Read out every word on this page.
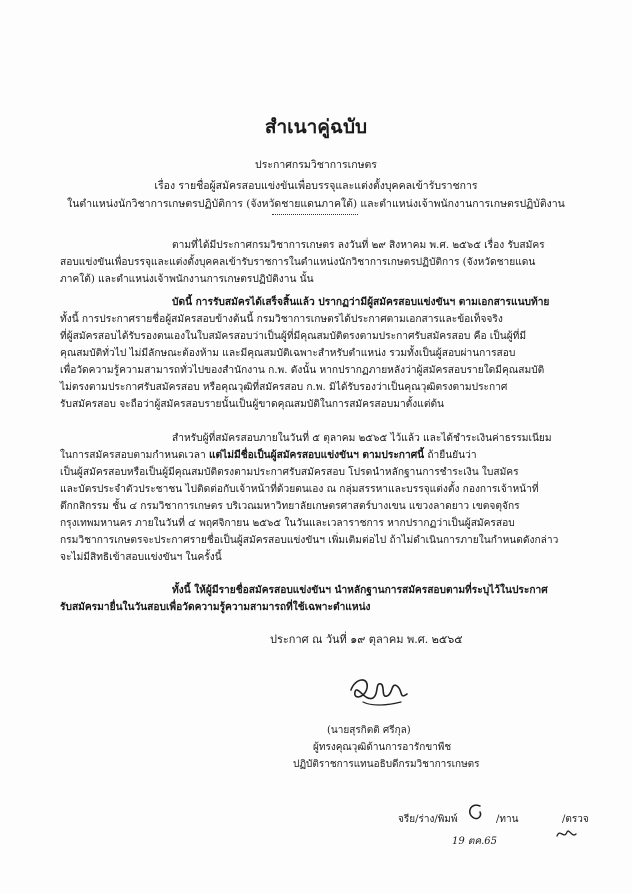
สำเนาคู่ฉบับ
ประกาศกรมวิชาการเกษตร
เรื่อง รายชื่อผู้สมัครสอบแข่งขันเพื่อบรรจุและแต่งตั้งบุคคลเข้ารับราชการ
ในตำแหน่งนักวิชาการเกษตรปฏิบัติการ (จังหวัดชายแดนภาคใต้) และตำแหน่งเจ้าพนักงานการเกษตรปฏิบัติงาน
ตามที่ได้มีประกาศกรมวิชาการเกษตร ลงวันที่ ๒๙ สิงหาคม พ.ศ. ๒๕๖๕ เรื่อง รับสมัคร
สอบแข่งขันเพื่อบรรจุและแต่งตั้งบุคคลเข้ารับราชการในตำแหน่งนักวิชาการเกษตรปฏิบัติการ (จังหวัดชายแดน
ภาคใต้) และตำแหน่งเจ้าพนักงานการเกษตรปฏิบัติงาน นั้น
บัดนี้ การรับสมัครได้เสร็จสิ้นแล้ว ปรากฏว่ามีผู้สมัครสอบแข่งขันฯ ตามเอกสารแนบท้าย
ทั้งนี้ การประกาศรายชื่อผู้สมัครสอบข้างต้นนี้ กรมวิชาการเกษตรได้ประกาศตามเอกสารและข้อเท็จจริง
ที่ผู้สมัครสอบได้รับรองตนเองในใบสมัครสอบว่าเป็นผู้ที่มีคุณสมบัติตรงตามประกาศรับสมัครสอบ คือ เป็นผู้ที่มี
คุณสมบัติทั่วไป ไม่มีลักษณะต้องห้าม และมีคุณสมบัติเฉพาะสำหรับตำแหน่ง รวมทั้งเป็นผู้สอบผ่านการสอบ
เพื่อวัดความรู้ความสามารถทั่วไปของสำนักงาน ก.พ. ดังนั้น หากปรากฏภายหลังว่าผู้สมัครสอบรายใดมีคุณสมบัติ
ไม่ตรงตามประกาศรับสมัครสอบ หรือคุณวุฒิที่สมัครสอบ ก.พ. มิได้รับรองว่าเป็นคุณวุฒิตรงตามประกาศ
รับสมัครสอบ จะถือว่าผู้สมัครสอบรายนั้นเป็นผู้ขาดคุณสมบัติในการสมัครสอบมาตั้งแต่ต้น
สำหรับผู้ที่สมัครสอบภายในวันที่ ๕ ตุลาคม ๒๕๖๕ ไว้แล้ว และได้ชำระเงินค่าธรรมเนียม
ในการสมัครสอบตามกำหนดเวลา แต่ไม่มีชื่อเป็นผู้สมัครสอบแข่งขันฯ ตามประกาศนี้ ถ้ายืนยันว่า
เป็นผู้สมัครสอบหรือเป็นผู้มีคุณสมบัติตรงตามประกาศรับสมัครสอบ โปรดนำหลักฐานการชำระเงิน ใบสมัคร
และบัตรประจำตัวประชาชน ไปติดต่อกับเจ้าหน้าที่ด้วยตนเอง ณ กลุ่มสรรหาและบรรจุแต่งตั้ง กองการเจ้าหน้าที่
ตึกกสิกรรม ชั้น ๔ กรมวิชาการเกษตร บริเวณมหาวิทยาลัยเกษตรศาสตร์บางเขน แขวงลาดยาว เขตจตุจักร
กรุงเทพมหานคร ภายในวันที่ ๔ พฤศจิกายน ๒๕๖๕ ในวันและเวลาราชการ หากปรากฏว่าเป็นผู้สมัครสอบ
กรมวิชาการเกษตรจะประกาศรายชื่อเป็นผู้สมัครสอบแข่งขันฯ เพิ่มเติมต่อไป ถ้าไม่ดำเนินการภายในกำหนดดังกล่าว
จะไม่มีสิทธิเข้าสอบแข่งขันฯ ในครั้งนี้
ทั้งนี้ ให้ผู้มีรายชื่อสมัครสอบแข่งขันฯ นำหลักฐานการสมัครสอบตามที่ระบุไว้ในประกาศ
รับสมัครมายื่นในวันสอบเพื่อวัดความรู้ความสามารถที่ใช้เฉพาะตำแหน่ง
ประกาศ ณ วันที่ ๑๙ ตุลาคม พ.ศ. ๒๕๖๕
(นายสุรกิตติ ศรีกุล)
ผู้ทรงคุณวุฒิด้านการอารักขาพืช
ปฏิบัติราชการแทนอธิบดีกรมวิชาการเกษตร
จรีย/ร่าง/พิมพ์	/ทาน	/ตรวจ
19 ตค.65
